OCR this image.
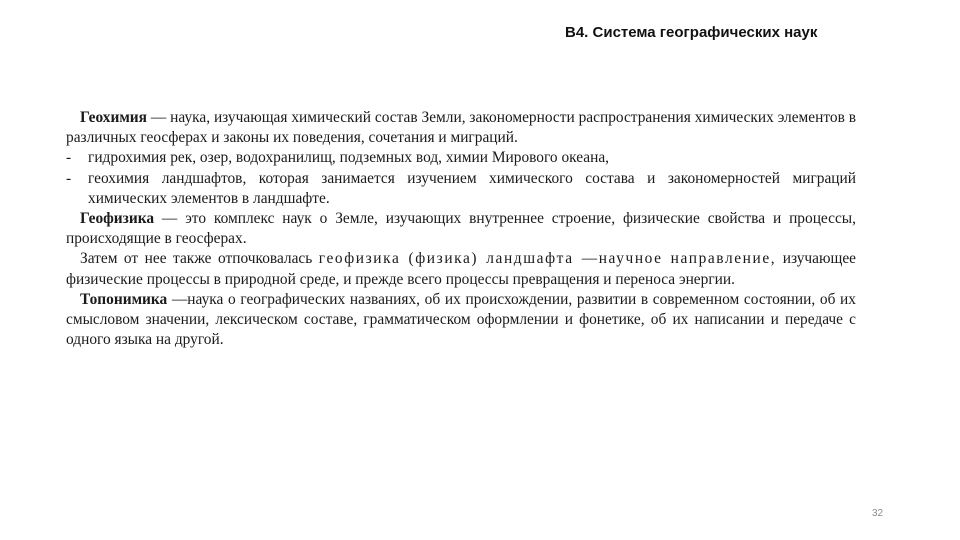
В4. Система географических наук

Геохимия — наука, изучающая химический состав Земли, закономерности распространения химических элементов в различных геосферах и законы их поведения, сочетания и миграций.

-	гидрохимия рек, озер, водохранилищ, подземных вод, химии Мирового океана,
-	геохимия ландшафтов, которая занимается изучением химического состава и закономерностей миграций химических элементов в ландшафте.

Геофизика — это комплекс наук о Земле, изучающих внутреннее строение, физические свойства и процессы, происходящие в геосферах.

Затем от нее также отпочковалась геофизика (физика) ландшафта —научное направление, изучающее физические процессы в природной среде, и прежде всего процессы превращения и переноса энергии.

Топонимика —наука о географических названиях, об их происхождении, развитии в современном состоянии, об их смысловом значении, лексическом составе, грамматическом оформлении и фонетике, об их написании и передаче с одного языка на другой.

32
